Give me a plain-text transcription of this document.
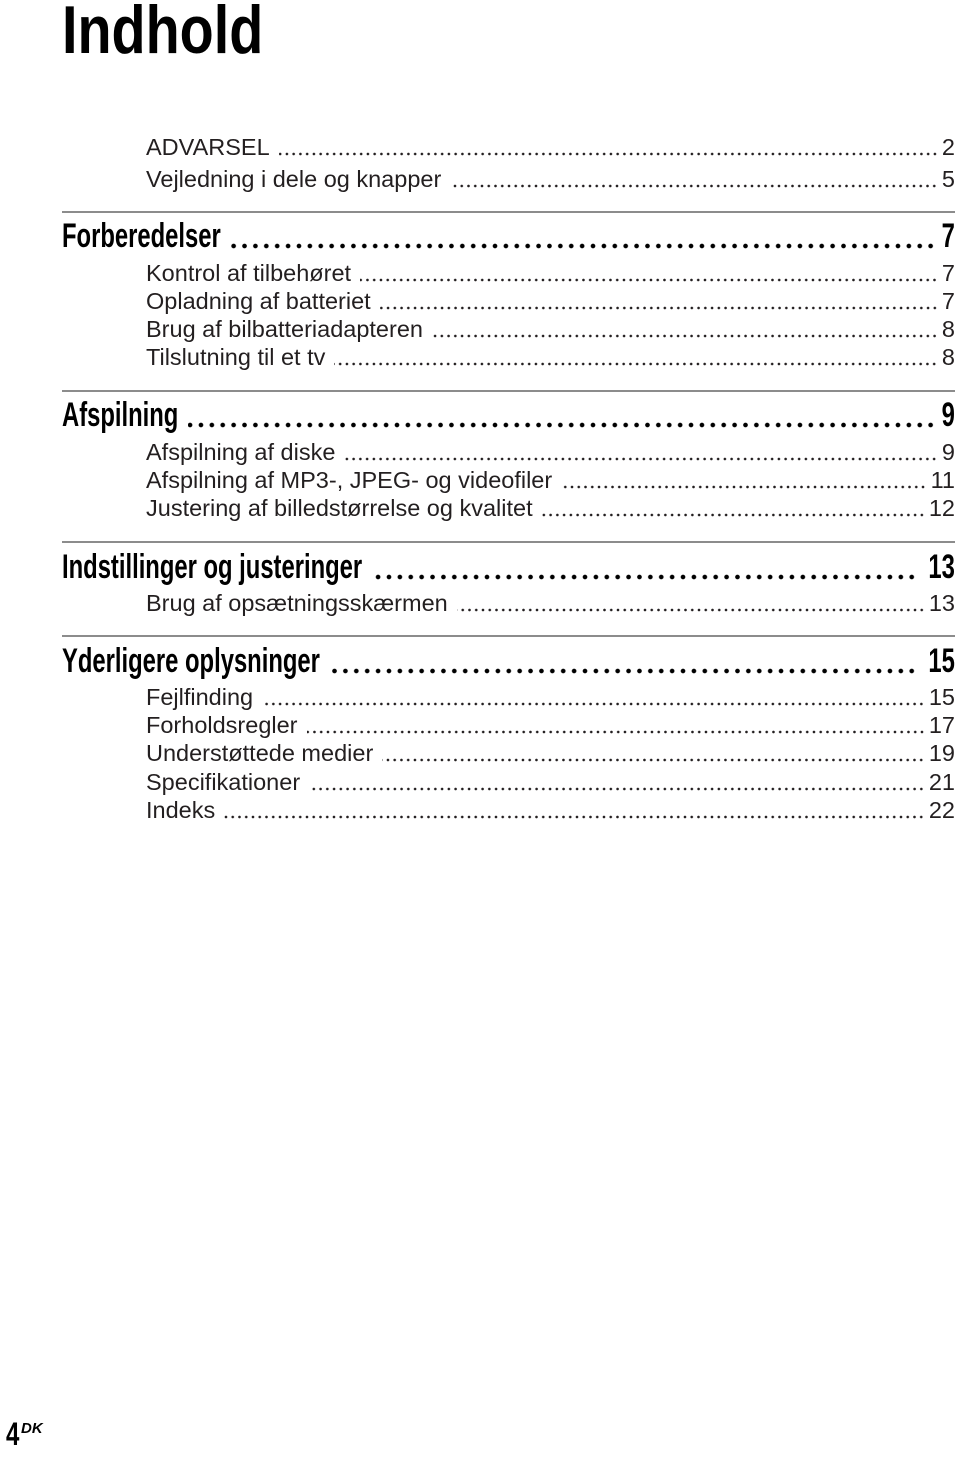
Indhold
ADVARSEL	2
Vejledning i dele og knapper	5
Forberedelser	7
Kontrol af tilbehøret	7
Opladning af batteriet	7
Brug af bilbatteriadapteren	8
Tilslutning til et tv	8
Afspilning	9
Afspilning af diske	9
Afspilning af MP3-, JPEG- og videofiler	11
Justering af billedstørrelse og kvalitet	12
Indstillinger og justeringer	13
Brug af opsætningsskærmen	13
Yderligere oplysninger	15
Fejlfinding	15
Forholdsregler	17
Understøttede medier	19
Specifikationer	21
Indeks	22
4 DK
